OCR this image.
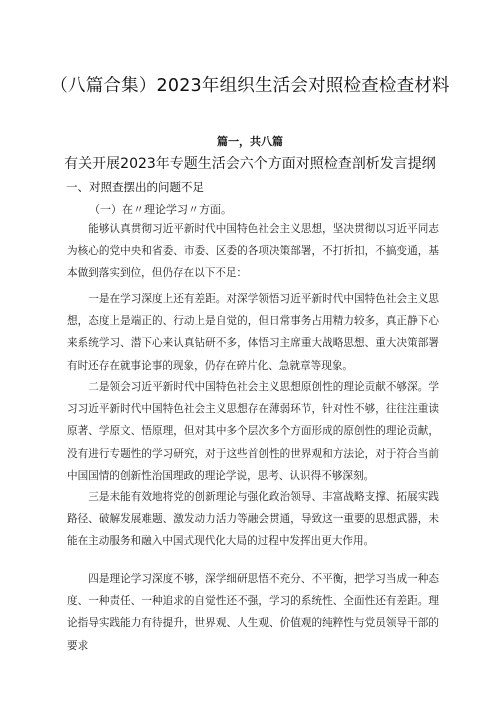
（八篇合集）2023年组织生活会对照检查检查材料
篇一，共八篇
有关开展2023年专题生活会六个方面对照检查剖析发言提纲
一、对照查摆出的问题不足
（一）在〃理论学习〃方面。

能够认真贯彻习近平新时代中国特色社会主义思想，坚决贯彻以习近平同志为核心的党中央和省委、市委、区委的各项决策部署，不打折扣，不搞变通，基本做到落实到位，但仍存在以下不足：

一是在学习深度上还有差距。对深学领悟习近平新时代中国特色社会主义思想，态度上是端正的、行动上是自觉的，但日常事务占用精力较多，真正静下心来系统学习、潜下心来认真钻研不多，体悟习主席重大战略思想、重大决策部署有时还存在就事论事的现象，仍存在碎片化、急就章等现象。

二是领会习近平新时代中国特色社会主义思想原创性的理论贡献不够深。学习习近平新时代中国特色社会主义思想存在薄弱环节，针对性不够，往往注重读原著、学原文、悟原理，但对其中多个层次多个方面形成的原创性的理论贡献，没有进行专题性的学习研究，对于这些首创性的世界观和方法论，对于符合当前中国国情的创新性治国理政的理论学说，思考、认识得不够深刻。

三是未能有效地将党的创新理论与强化政治领导、丰富战略支撑、拓展实践路径、破解发展难题、激发动力活力等融会贯通，导致这一重要的思想武器，未能在主动服务和融入中国式现代化大局的过程中发挥出更大作用。

四是理论学习深度不够，深学细研思悟不充分、不平衡，把学习当成一种态度、一种责任、一种追求的自觉性还不强，学习的系统性、全面性还有差距。理论指导实践能力有待提升，世界观、人生观、价值观的纯粹性与党员领导干部的要求
